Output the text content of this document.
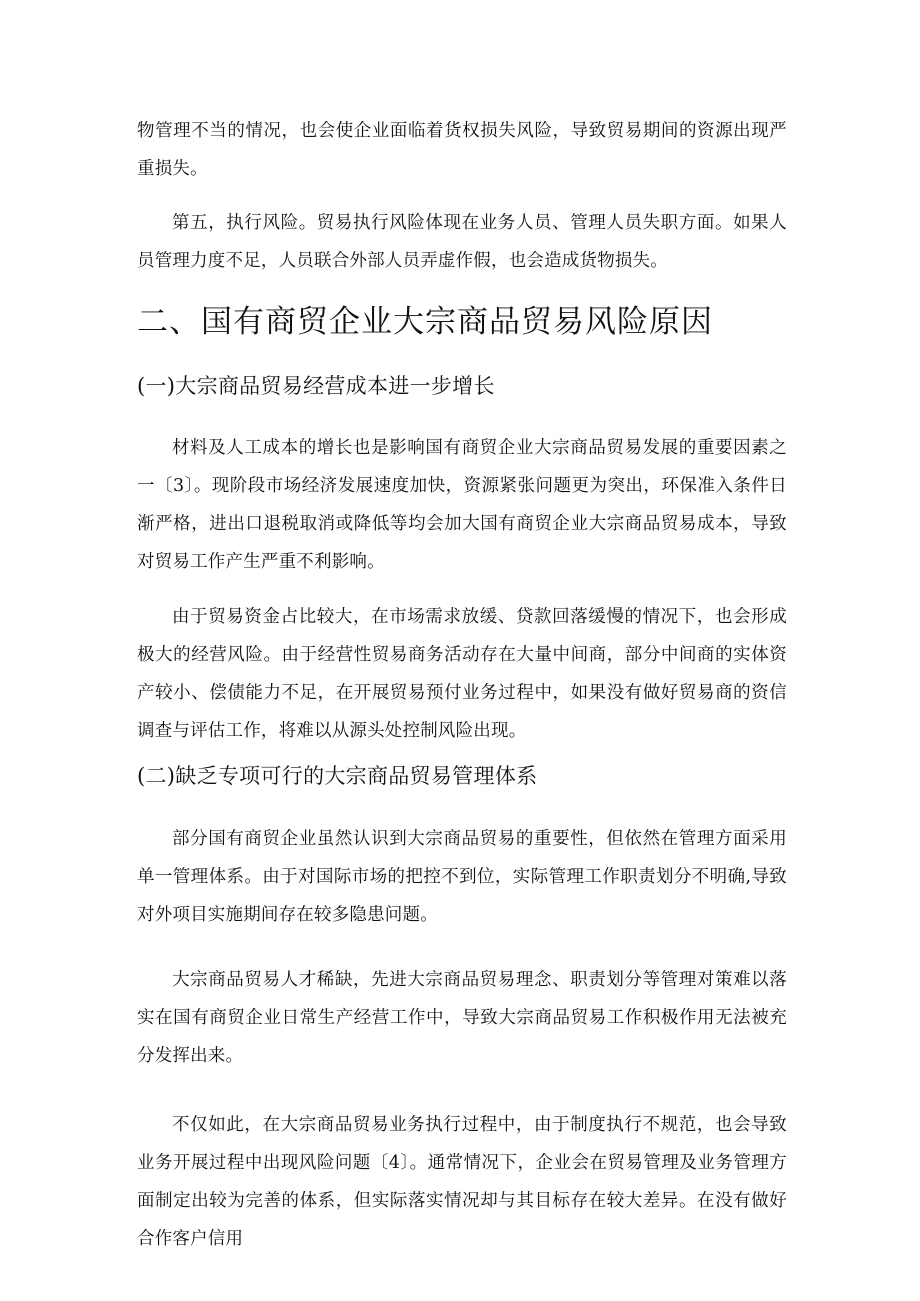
物管理不当的情况，也会使企业面临着货权损失风险，导致贸易期间的资源出现严重损失。

第五，执行风险。贸易执行风险体现在业务人员、管理人员失职方面。如果人员管理力度不足，人员联合外部人员弄虚作假，也会造成货物损失。

二、国有商贸企业大宗商品贸易风险原因
(一)大宗商品贸易经营成本进一步增长

材料及人工成本的增长也是影响国有商贸企业大宗商品贸易发展的重要因素之一〔3〕。现阶段市场经济发展速度加快，资源紧张问题更为突出，环保准入条件日渐严格，进出口退税取消或降低等均会加大国有商贸企业大宗商品贸易成本，导致对贸易工作产生严重不利影响。

由于贸易资金占比较大，在市场需求放缓、贷款回落缓慢的情况下，也会形成极大的经营风险。由于经营性贸易商务活动存在大量中间商，部分中间商的实体资产较小、偿债能力不足，在开展贸易预付业务过程中，如果没有做好贸易商的资信调查与评估工作，将难以从源头处控制风险出现。

(二)缺乏专项可行的大宗商品贸易管理体系

部分国有商贸企业虽然认识到大宗商品贸易的重要性，但依然在管理方面采用单一管理体系。由于对国际市场的把控不到位，实际管理工作职责划分不明确,导致对外项目实施期间存在较多隐患问题。

大宗商品贸易人才稀缺，先进大宗商品贸易理念、职责划分等管理对策难以落实在国有商贸企业日常生产经营工作中，导致大宗商品贸易工作积极作用无法被充分发挥出来。

不仅如此，在大宗商品贸易业务执行过程中，由于制度执行不规范，也会导致业务开展过程中出现风险问题〔4〕。通常情况下，企业会在贸易管理及业务管理方面制定出较为完善的体系，但实际落实情况却与其目标存在较大差异。在没有做好合作客户信用
